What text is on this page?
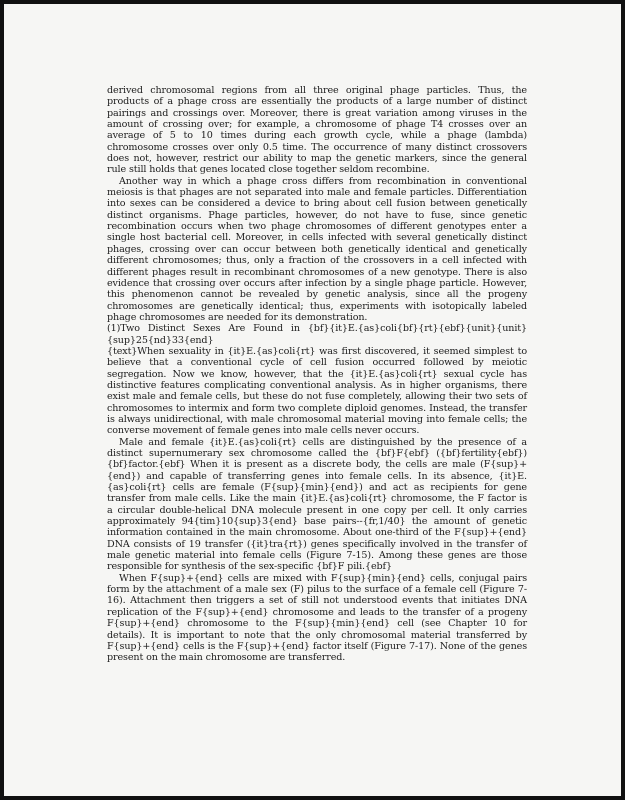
derived chromosomal regions from all three original phage particles. Thus, the products of a phage cross are essentially the products of a large number of distinct pairings and crossings over. Moreover, there is great variation among viruses in the amount of crossing over; for example, a chromosome of phage T4 crosses over an average of 5 to 10 times during each growth cycle, while a phage (lambda) chromosome crosses over only 0.5 time. The occurrence of many distinct crossovers does not, however, restrict our ability to map the genetic markers, since the general rule still holds that genes located close together seldom recombine.

Another way in which a phage cross differs from recombination in conventional meiosis is that phages are not separated into male and female particles. Differentiation into sexes can be considered a device to bring about cell fusion between genetically distinct organisms. Phage particles, however, do not have to fuse, since genetic recombination occurs when two phage chromosomes of different genotypes enter a single host bacterial cell. Moreover, in cells infected with several genetically distinct phages, crossing over can occur between both genetically identical and genetically different chromosomes; thus, only a fraction of the crossovers in a cell infected with different phages result in recombinant chromosomes of a new genotype. There is also evidence that crossing over occurs after infection by a single phage particle. However, this phenomenon cannot be revealed by genetic analysis, since all the progeny chromosomes are genetically identical; thus, experiments with isotopically labeled phage chromosomes are needed for its demonstration.

(1)Two Distinct Sexes Are Found in {bf}{it}E.{as}coli{bf}{rt}{ebf}{unit}{unit}{sup}25{nd}33{end}

{text}When sexuality in {it}E.{as}coli{rt} was first discovered, it seemed simplest to believe that a conventional cycle of cell fusion occurred followed by meiotic segregation. Now we know, however, that the {it}E.{as}coli{rt} sexual cycle has distinctive features complicating conventional analysis. As in higher organisms, there exist male and female cells, but these do not fuse completely, allowing their two sets of chromosomes to intermix and form two complete diploid genomes. Instead, the transfer is always unidirectional, with male chromosomal material moving into female cells; the converse movement of female genes into male cells never occurs.

Male and female {it}E.{as}coli{rt} cells are distinguished by the presence of a distinct supernumerary sex chromosome called the {bf}F{ebf} ({bf}fertility{ebf}) {bf}factor.{ebf} When it is present as a discrete body, the cells are male (F{sup}+{end}) and capable of transferring genes into female cells. In its absence, {it}E.{as}coli{rt} cells are female (F{sup}{min}{end}) and act as recipients for gene transfer from male cells. Like the main {it}E.{as}coli{rt} chromosome, the F factor is a circular double-helical DNA molecule present in one copy per cell. It only carries approximately 94{tim}10{sup}3{end} base pairs--{fr,1/40} the amount of genetic information contained in the main chromosome. About one-third of the F{sup}+{end} DNA consists of 19 transfer ({it}tra{rt}) genes specifically involved in the transfer of male genetic material into female cells (Figure 7-15). Among these genes are those responsible for synthesis of the sex-specific {bf}F pili.{ebf}

When F{sup}+{end} cells are mixed with F{sup}{min}{end} cells, conjugal pairs form by the attachment of a male sex (F) pilus to the surface of a female cell (Figure 7-16). Attachment then triggers a set of still not understood events that initiates DNA replication of the F{sup}+{end} chromosome and leads to the transfer of a progeny F{sup}+{end} chromosome to the F{sup}{min}{end} cell (see Chapter 10 for details). It is important to note that the only chromosomal material transferred by F{sup}+{end} cells is the F{sup}+{end} factor itself (Figure 7-17). None of the genes present on the main chromosome are transferred.
